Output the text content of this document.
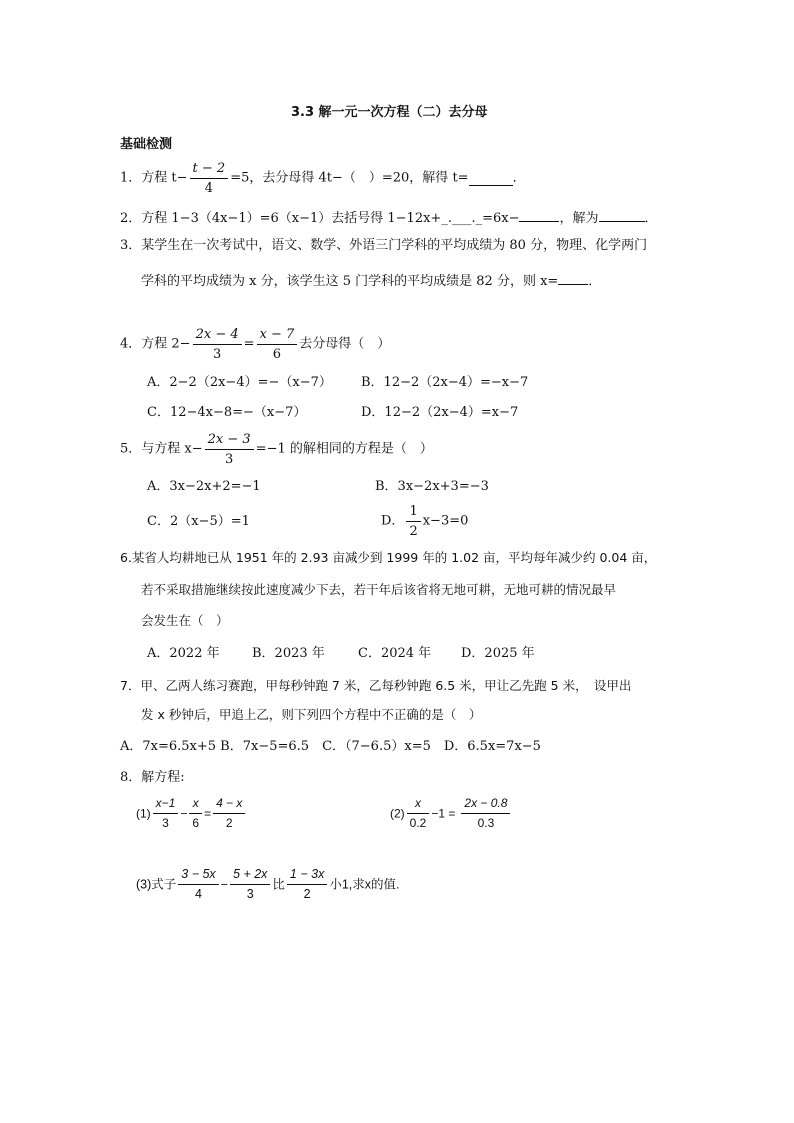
3.3 解一元一次方程（二）去分母
基础检测
1．方程 $t- \frac{t - 2}{4} =5$，去分母得 4t−（　）=20，解得 t=	．
2．方程 1−3（4x−1）=6（x−1）去括号得 1−12x+_.___._=6x−	，解为	．
3．某学生在一次考试中，语文、数学、外语三门学科的平均成绩为 80 分，物理、化学两门
学科的平均成绩为 x 分，该学生这 5 门学科的平均成绩是 82 分，则 x= ．
4．方程 $2- \frac{2x - 4}{3} = \frac{x - 7}{6}$ 去分母得（　）
A．2−2（2x−4）=−（x−7） B．12−2（2x−4）=−x−7
C．12−4x−8=−（x−7）	D．12−2（2x−4）=x−7
5．与方程 $x- \frac{2x - 3}{3} =-1$ 的解相同的方程是（　）
A．3x−2x+2=−1	B．3x−2x+3=−3
C．2（x−5）=1	D． $\frac{1}{2} x-3=0$
6.某省人均耕地已从 1951 年的 2.93 亩减少到 1999 年的 1.02 亩，平均每年减少约 0.04 亩，
若不采取措施继续按此速度减少下去，若干年后该省将无地可耕，无地可耕的情况最早
会发生在（　）
A．2022 年 B．2023 年	C．2024 年 D．2025 年
7．甲、乙两人练习赛跑，甲每秒钟跑 7 米，乙每秒钟跑 6.5 米，甲让乙先跑 5 米，　设甲出
发 x 秒钟后，甲追上乙，则下列四个方程中不正确的是（　）
A．7x=6.5x+5 B．7x−5=6.5　C．（7−6.5）x=5　D．6.5x=7x−5
8．解方程:
$(1) \frac{x-1}{3} - \frac{x}{6} = \frac{4 - x}{2}$	$(2) \frac{x}{0.2} -1 = \frac{2x - 0.8}{0.3}$
(3)式子 $\frac{3 - 5x}{4} - \frac{5 + 2x}{3}$ 比 $\frac{1 - 3x}{2}$ 小1,求x的值.
